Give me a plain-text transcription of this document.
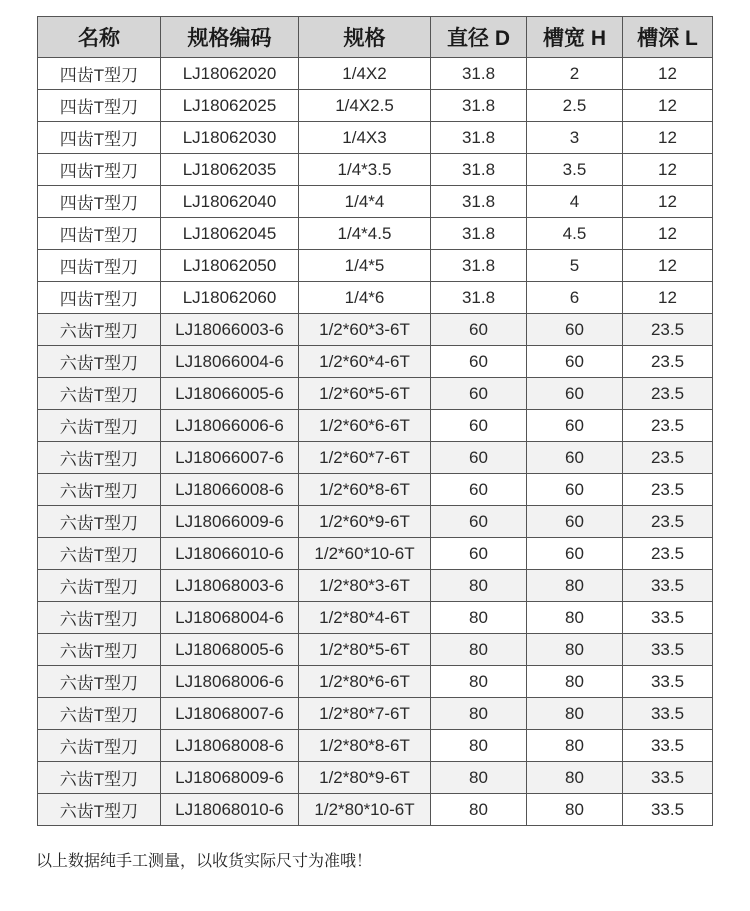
名称	规格编码	规格	直径 D	槽宽 H	槽深 L
四齿T型刀	LJ18062020	1/4X2	31.8	2	12
四齿T型刀	LJ18062025	1/4X2.5	31.8	2.5	12
四齿T型刀	LJ18062030	1/4X3	31.8	3	12
四齿T型刀	LJ18062035	1/4*3.5	31.8	3.5	12
四齿T型刀	LJ18062040	1/4*4	31.8	4	12
四齿T型刀	LJ18062045	1/4*4.5	31.8	4.5	12
四齿T型刀	LJ18062050	1/4*5	31.8	5	12
四齿T型刀	LJ18062060	1/4*6	31.8	6	12
六齿T型刀	LJ18066003-6	1/2*60*3-6T	60	60	23.5
六齿T型刀	LJ18066004-6	1/2*60*4-6T	60	60	23.5
六齿T型刀	LJ18066005-6	1/2*60*5-6T	60	60	23.5
六齿T型刀	LJ18066006-6	1/2*60*6-6T	60	60	23.5
六齿T型刀	LJ18066007-6	1/2*60*7-6T	60	60	23.5
六齿T型刀	LJ18066008-6	1/2*60*8-6T	60	60	23.5
六齿T型刀	LJ18066009-6	1/2*60*9-6T	60	60	23.5
六齿T型刀	LJ18066010-6	1/2*60*10-6T	60	60	23.5
六齿T型刀	LJ18068003-6	1/2*80*3-6T	80	80	33.5
六齿T型刀	LJ18068004-6	1/2*80*4-6T	80	80	33.5
六齿T型刀	LJ18068005-6	1/2*80*5-6T	80	80	33.5
六齿T型刀	LJ18068006-6	1/2*80*6-6T	80	80	33.5
六齿T型刀	LJ18068007-6	1/2*80*7-6T	80	80	33.5
六齿T型刀	LJ18068008-6	1/2*80*8-6T	80	80	33.5
六齿T型刀	LJ18068009-6	1/2*80*9-6T	80	80	33.5
六齿T型刀	LJ18068010-6	1/2*80*10-6T	80	80	33.5
以上数据纯手工测量，以收货实际尺寸为准哦！
